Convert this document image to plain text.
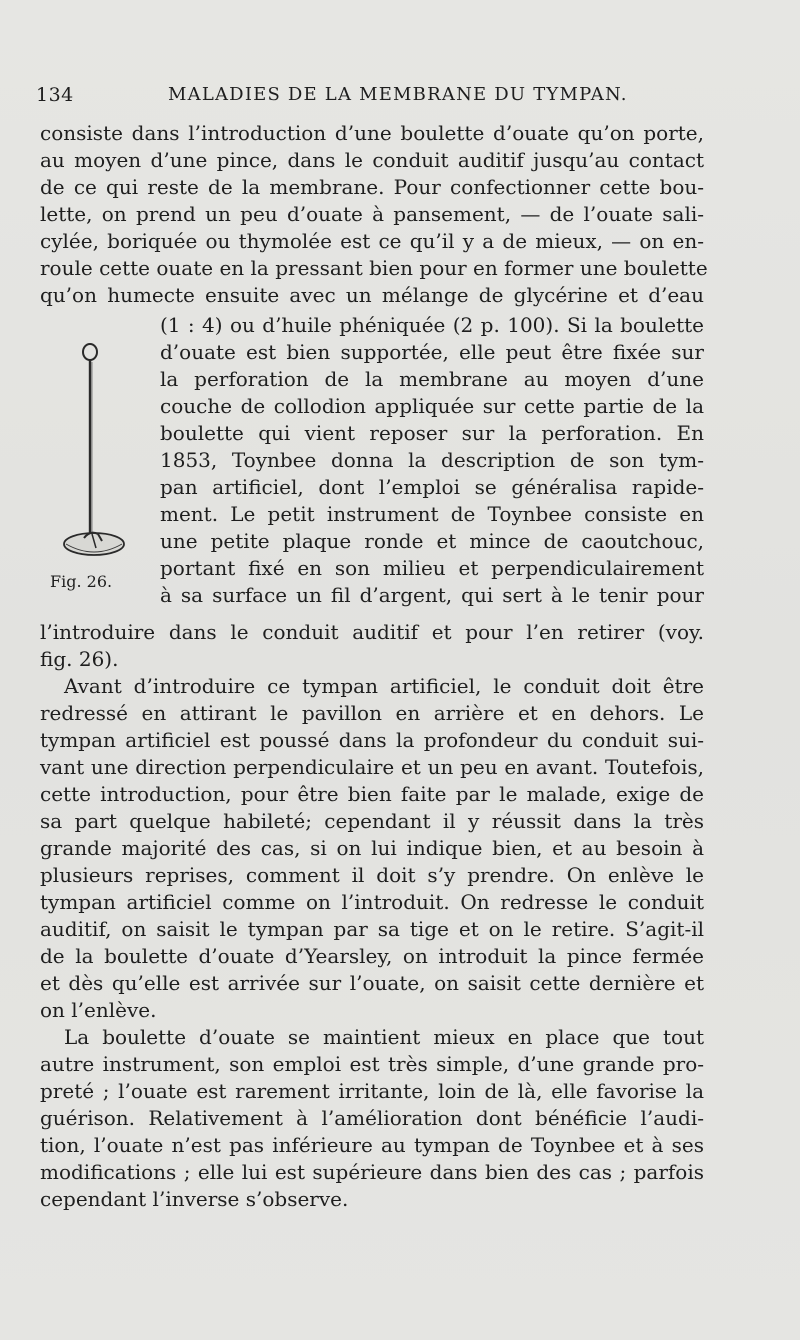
134	MALADIES DE LA MEMBRANE DU TYMPAN.
consiste dans l’introduction d’une boulette d’ouate qu’on porte,
au moyen d’une pince, dans le conduit auditif jusqu’au contact
de ce qui reste de la membrane. Pour confectionner cette bou-
lette, on prend un peu d’ouate à pansement, — de l’ouate sali-
cylée, boriquée ou thymolée est ce qu’il y a de mieux, — on en-
roule cette ouate en la pressant bien pour en former une boulette
qu’on humecte ensuite avec un mélange de glycérine et d’eau
Fig. 26.
(1 : 4) ou d’huile phéniquée (2 p. 100). Si la boulette
d’ouate est bien supportée, elle peut être fixée sur
la perforation de la membrane au moyen d’une
couche de collodion appliquée sur cette partie de la
boulette qui vient reposer sur la perforation. En
1853, Toynbee donna la description de son tym-
pan artificiel, dont l’emploi se généralisa rapide-
ment. Le petit instrument de Toynbee consiste en
une petite plaque ronde et mince de caoutchouc,
portant fixé en son milieu et perpendiculairement
à sa surface un fil d’argent, qui sert à le tenir pour
l’introduire dans le conduit auditif et pour l’en retirer (voy.
fig. 26).
Avant d’introduire ce tympan artificiel, le conduit doit être
redressé en attirant le pavillon en arrière et en dehors. Le
tympan artificiel est poussé dans la profondeur du conduit sui-
vant une direction perpendiculaire et un peu en avant. Toutefois,
cette introduction, pour être bien faite par le malade, exige de
sa part quelque habileté; cependant il y réussit dans la très
grande majorité des cas, si on lui indique bien, et au besoin à
plusieurs reprises, comment il doit s’y prendre. On enlève le
tympan artificiel comme on l’introduit. On redresse le conduit
auditif, on saisit le tympan par sa tige et on le retire. S’agit-il
de la boulette d’ouate d’Yearsley, on introduit la pince fermée
et dès qu’elle est arrivée sur l’ouate, on saisit cette dernière et
on l’enlève.
La boulette d’ouate se maintient mieux en place que tout
autre instrument, son emploi est très simple, d’une grande pro-
preté ; l’ouate est rarement irritante, loin de là, elle favorise la
guérison. Relativement à l’amélioration dont bénéficie l’audi-
tion, l’ouate n’est pas inférieure au tympan de Toynbee et à ses
modifications ; elle lui est supérieure dans bien des cas ; parfois
cependant l’inverse s’observe.
